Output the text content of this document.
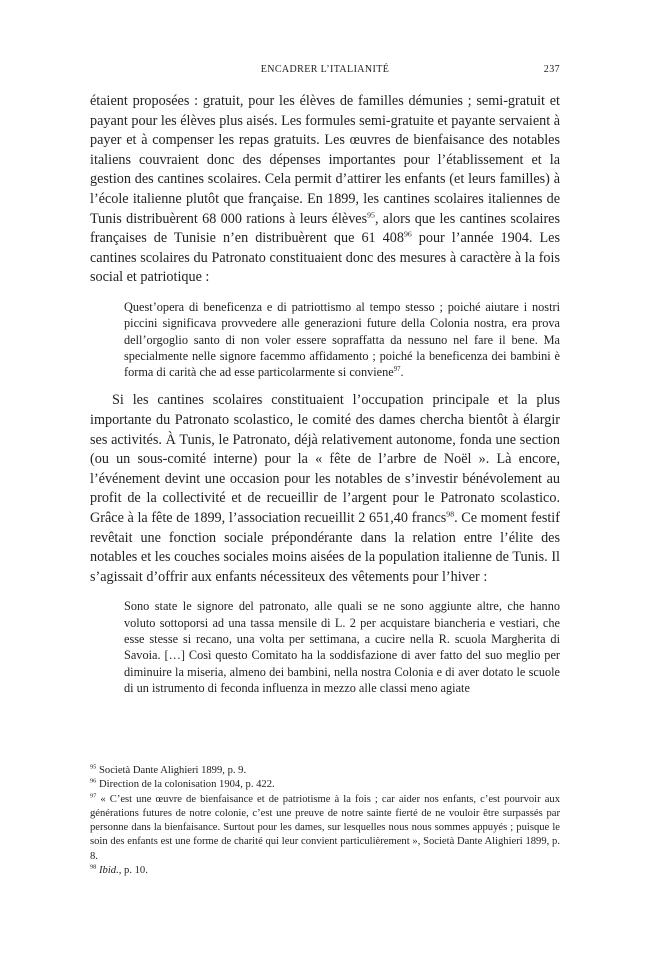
ENCADRER L’ITALIANITÉ	237

étaient proposées : gratuit, pour les élèves de familles démunies ; semi-gratuit et payant pour les élèves plus aisés. Les formules semi-gratuite et payante servaient à payer et à compenser les repas gratuits. Les œuvres de bienfaisance des notables italiens couvraient donc des dépenses importantes pour l’établissement et la gestion des cantines scolaires. Cela permit d’attirer les enfants (et leurs familles) à l’école italienne plutôt que française. En 1899, les cantines scolaires italiennes de Tunis distribuèrent 68 000 rations à leurs élèves$^{95}$, alors que les cantines scolaires françaises de Tunisie n’en distribuèrent que 61 $408^{96}$ pour l’année 1904. Les cantines scolaires du Patronato constituaient donc des mesures à caractère à la fois social et patriotique :

Quest’opera di beneficenza e di patriottismo al tempo stesso ; poiché aiutare i nostri piccini significava provvedere alle generazioni future della Colonia nostra, era prova dell’orgoglio santo di non voler essere sopraffatta da nessuno nel fare il bene. Ma specialmente nelle signore facemmo affidamento ; poiché la beneficenza dei bambini è forma di carità che ad esse particolarmente si conviene$^{97}$.

Si les cantines scolaires constituaient l’occupation principale et la plus importante du Patronato scolastico, le comité des dames chercha bientôt à élargir ses activités. À Tunis, le Patronato, déjà relativement autonome, fonda une section (ou un sous-comité interne) pour la « fête de l’arbre de Noël ». Là encore, l’événement devint une occasion pour les notables de s’investir bénévolement au profit de la collectivité et de recueillir de l’argent pour le Patronato scolastico. Grâce à la fête de 1899, l’association recueillit 2 651,40 francs$^{98}$. Ce moment festif revêtait une fonction sociale prépondérante dans la relation entre l’élite des notables et les couches sociales moins aisées de la population italienne de Tunis. Il s’agissait d’offrir aux enfants nécessiteux des vêtements pour l’hiver :

Sono state le signore del patronato, alle quali se ne sono aggiunte altre, che hanno voluto sottoporsi ad una tassa mensile di L. 2 per acquistare biancheria e vestiari, che esse stesse si recano, una volta per settimana, a cucire nella R. scuola Margherita di Savoia. […] Così questo Comitato ha la soddisfazione di aver fatto del suo meglio per diminuire la miseria, almeno dei bambini, nella nostra Colonia e di aver dotato le scuole di un istrumento di feconda influenza in mezzo alle classi meno agiate

$^{95}$ Società Dante Alighieri 1899, p. 9.

$^{96}$ Direction de la colonisation 1904, p. 422.

$^{97}$ « C’est une œuvre de bienfaisance et de patriotisme à la fois ; car aider nos enfants, c’est pourvoir aux générations futures de notre colonie, c’est une preuve de notre sainte fierté de ne vouloir être surpassés par personne dans la bienfaisance. Surtout pour les dames, sur lesquelles nous nous sommes appuyés ; puisque le soin des enfants est une forme de charité qui leur convient particulièrement », Società Dante Alighieri 1899, p. 8.

$^{98}$ Ibid., p. 10.
